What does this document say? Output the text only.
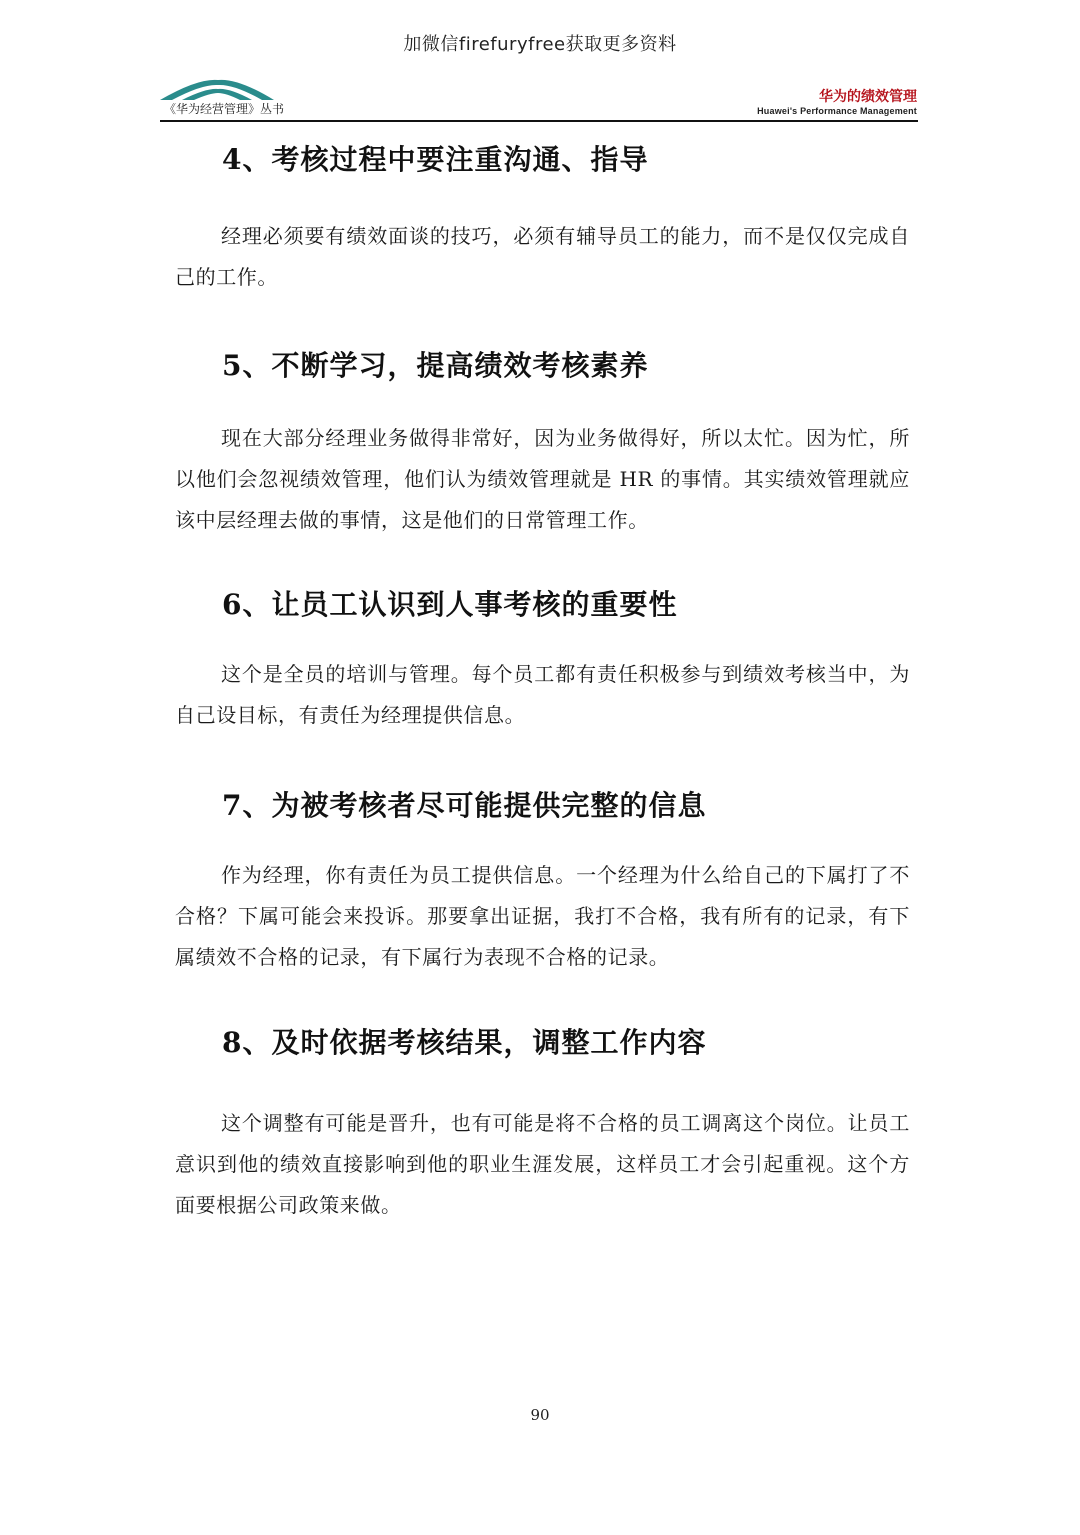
加微信firefuryfree获取更多资料
《华为经营管理》丛书
华为的绩效管理
Huawei's Performance Management
4、考核过程中要注重沟通、指导

经理必须要有绩效面谈的技巧，必须有辅导员工的能力，而不是仅仅完成自己的工作。

5、不断学习，提高绩效考核素养

现在大部分经理业务做得非常好，因为业务做得好，所以太忙。因为忙，所以他们会忽视绩效管理，他们认为绩效管理就是 HR 的事情。其实绩效管理就应该中层经理去做的事情，这是他们的日常管理工作。

6、让员工认识到人事考核的重要性

这个是全员的培训与管理。每个员工都有责任积极参与到绩效考核当中，为自己设目标，有责任为经理提供信息。

7、为被考核者尽可能提供完整的信息

作为经理，你有责任为员工提供信息。一个经理为什么给自己的下属打了不合格？下属可能会来投诉。那要拿出证据，我打不合格，我有所有的记录，有下属绩效不合格的记录，有下属行为表现不合格的记录。

8、及时依据考核结果，调整工作内容

这个调整有可能是晋升，也有可能是将不合格的员工调离这个岗位。让员工意识到他的绩效直接影响到他的职业生涯发展，这样员工才会引起重视。这个方面要根据公司政策来做。

90
